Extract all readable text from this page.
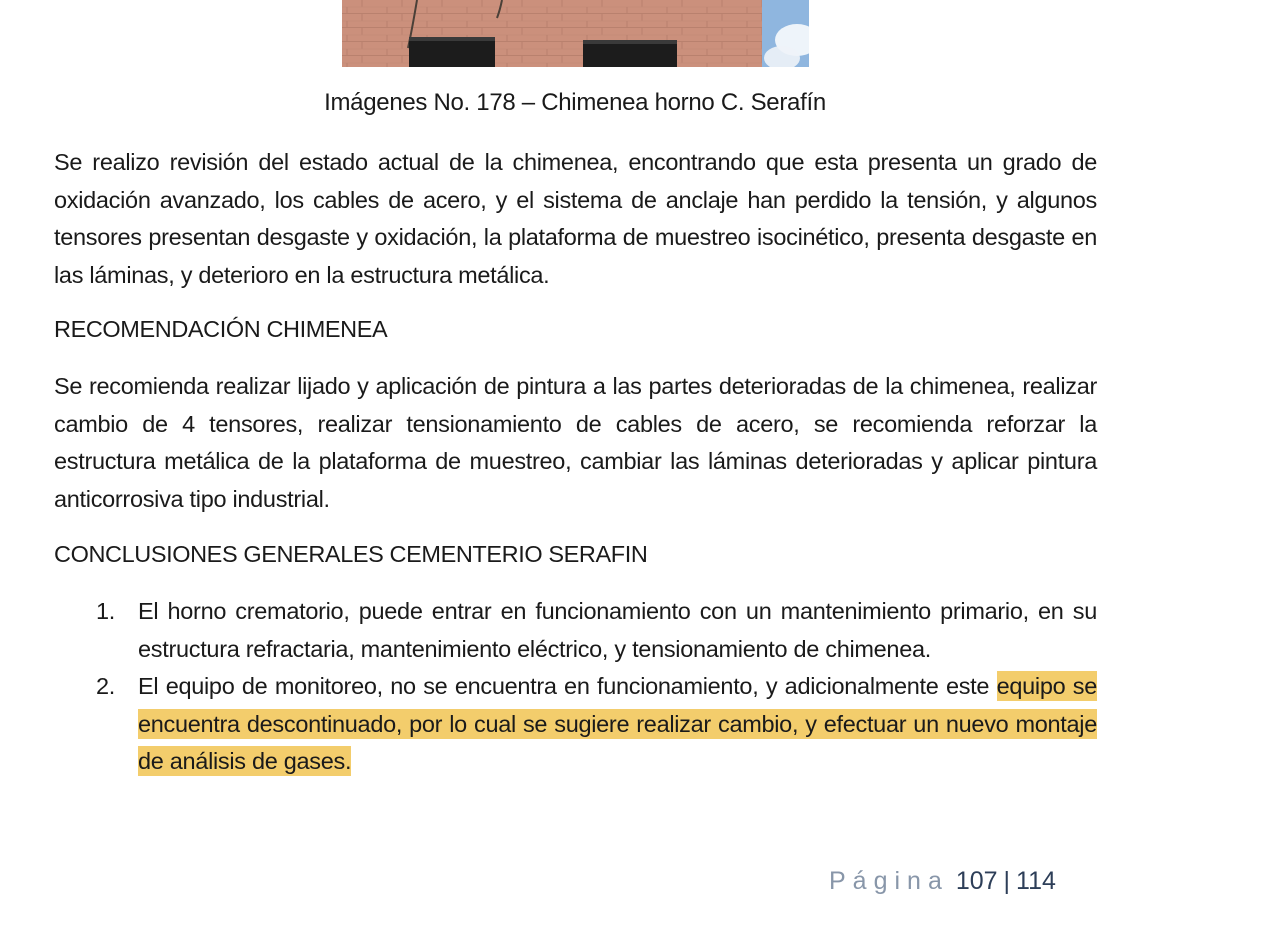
Imágenes No. 178 – Chimenea horno C. Serafín

Se realizo revisión del estado actual de la chimenea, encontrando que esta presenta un grado de oxidación avanzado, los cables de acero, y el sistema de anclaje han perdido la tensión, y algunos tensores presentan desgaste y oxidación, la plataforma de muestreo isocinético, presenta desgaste en las láminas, y deterioro en la estructura metálica.

RECOMENDACIÓN CHIMENEA

Se recomienda realizar lijado y aplicación de pintura a las partes deterioradas de la chimenea, realizar cambio de 4 tensores, realizar tensionamiento de cables de acero, se recomienda reforzar la estructura metálica de la plataforma de muestreo, cambiar las láminas deterioradas y aplicar pintura anticorrosiva tipo industrial.

CONCLUSIONES GENERALES CEMENTERIO SERAFIN

1. El horno crematorio, puede entrar en funcionamiento con un mantenimiento primario, en su estructura refractaria, mantenimiento eléctrico, y tensionamiento de chimenea.
2. El equipo de monitoreo, no se encuentra en funcionamiento, y adicionalmente este equipo se encuentra descontinuado, por lo cual se sugiere realizar cambio, y efectuar un nuevo montaje de análisis de gases.
Página 107 | 114
